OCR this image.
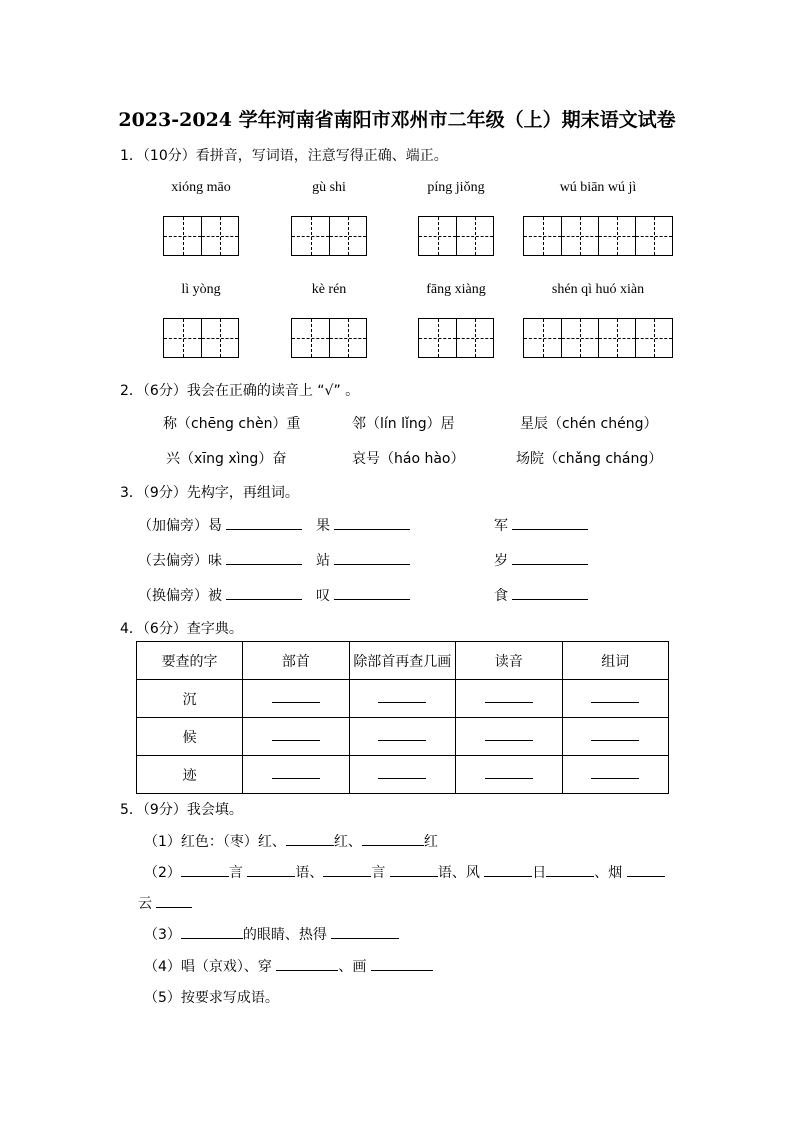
2023-2024 学年河南省南阳市邓州市二年级（上）期末语文试卷
1．（10分）看拼音，写词语，注意写得正确、端正。
xióng māo	gù shi	píng jiǒng	wú biān wú jì
lì yòng	kè rén	fāng xiàng	shén qì huó xiàn
2．（6分）我会在正确的读音上 “√” 。
称（chēng chèn）重	邻（lín lǐng）居	星辰（chén chéng）
兴（xīng xìng）奋	哀号（háo hào）	场院（chǎng cháng）
3．（9分）先构字，再组词。
（加偏旁）曷	果	军
（去偏旁）味	站	岁
（换偏旁）被	叹	食
4．（6分）查字典。
要查的字	部首	除部首再查几画	读音	组词
沉				
候				
迹				
5．（9分）我会填。
（1）红色：（枣）红、	红、	红
（2）	言	语、	言	语、风	日	、烟
云
（3）	的眼睛、热得
（4）唱（京戏）、穿	、画
（5）按要求写成语。
